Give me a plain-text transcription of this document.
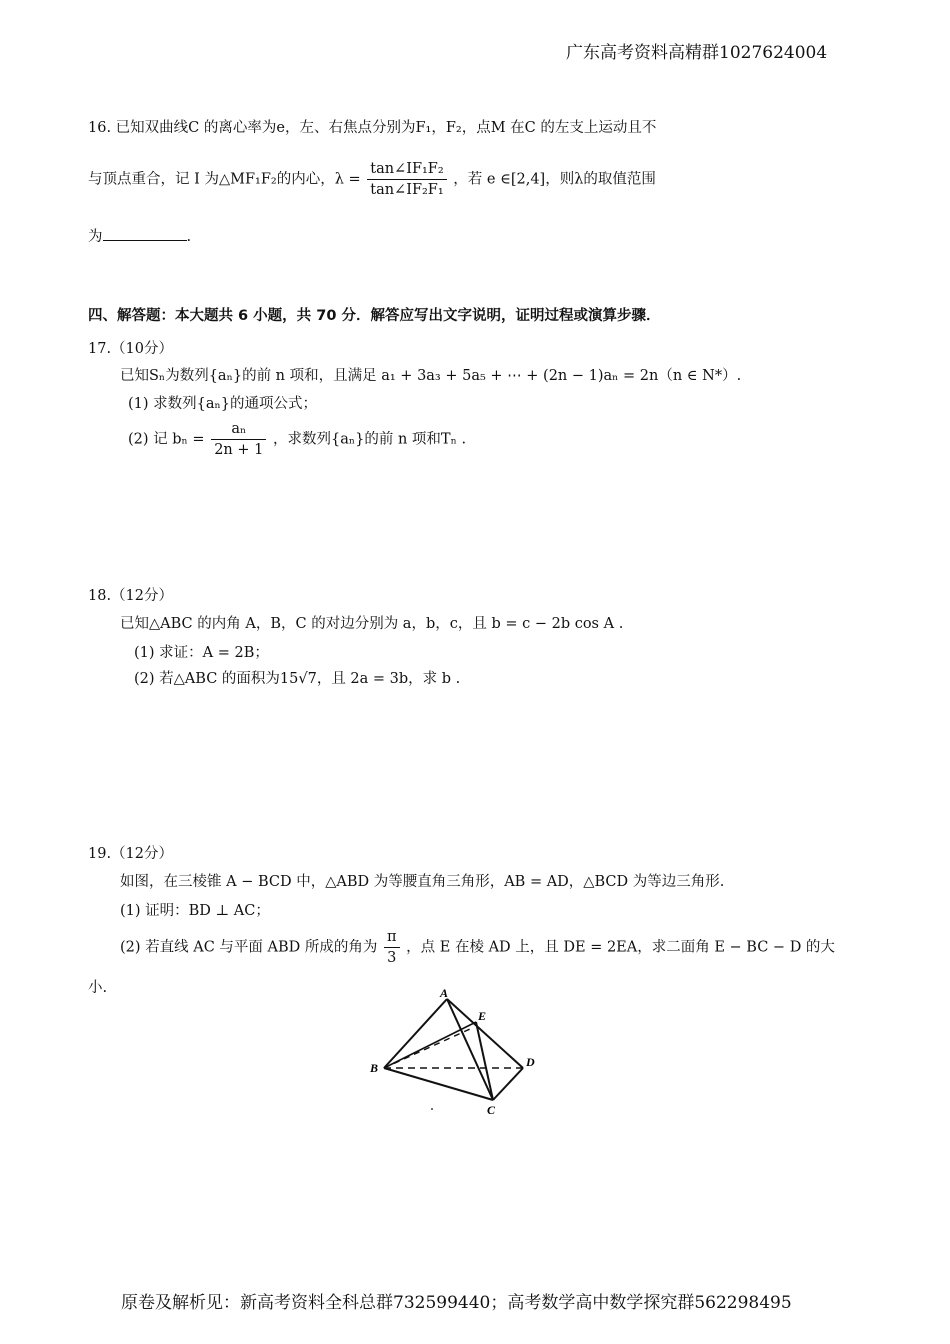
广东高考资料高精群1027624004
16. 已知双曲线C 的离心率为e，左、右焦点分别为F₁，F₂，点M 在C 的左支上运动且不
与顶点重合，记 I 为△MF₁F₂的内心，$\lambda = \frac{\text{tan∠IF₁F₂}}{\text{tan∠IF₂F₁}}$ ，若 e ∈[2,4]，则λ的取值范围
为	.
四、解答题：本大题共 6 小题，共 70 分．解答应写出文字说明，证明过程或演算步骤．
17.（10分）
已知Sₙ为数列{aₙ}的前 n 项和，且满足 a₁ + 3a₃ + 5a₅ + ⋯ + (2n − 1)aₙ = 2n（n ∈ N*）.
(1) 求数列{aₙ}的通项公式；
(2) 记 $b_n = \frac{\text{aₙ}}{2n + 1}$ ，求数列{aₙ}的前 n 项和Tₙ .
18.（12分）
已知△ABC 的内角 A，B，C 的对边分别为 a，b，c，且 b = c − 2b cos A .
(1) 求证：A = 2B；
(2) 若△ABC 的面积为15√7，且 2a = 3b，求 b .
19.（12分）
如图，在三棱锥 A − BCD 中，△ABD 为等腰直角三角形，AB = AD，△BCD 为等边三角形.
(1) 证明：BD ⊥ AC；
(2) 若直线 AC 与平面 ABD 所成的角为 $\frac{\pi}{3}$ ，点 E 在棱 AD 上，且 DE = 2EA，求二面角 E − BC − D 的大
小.	A
E
B	D
C
原卷及解析见：新高考资料全科总群732599440；高考数学高中数学探究群562298495
